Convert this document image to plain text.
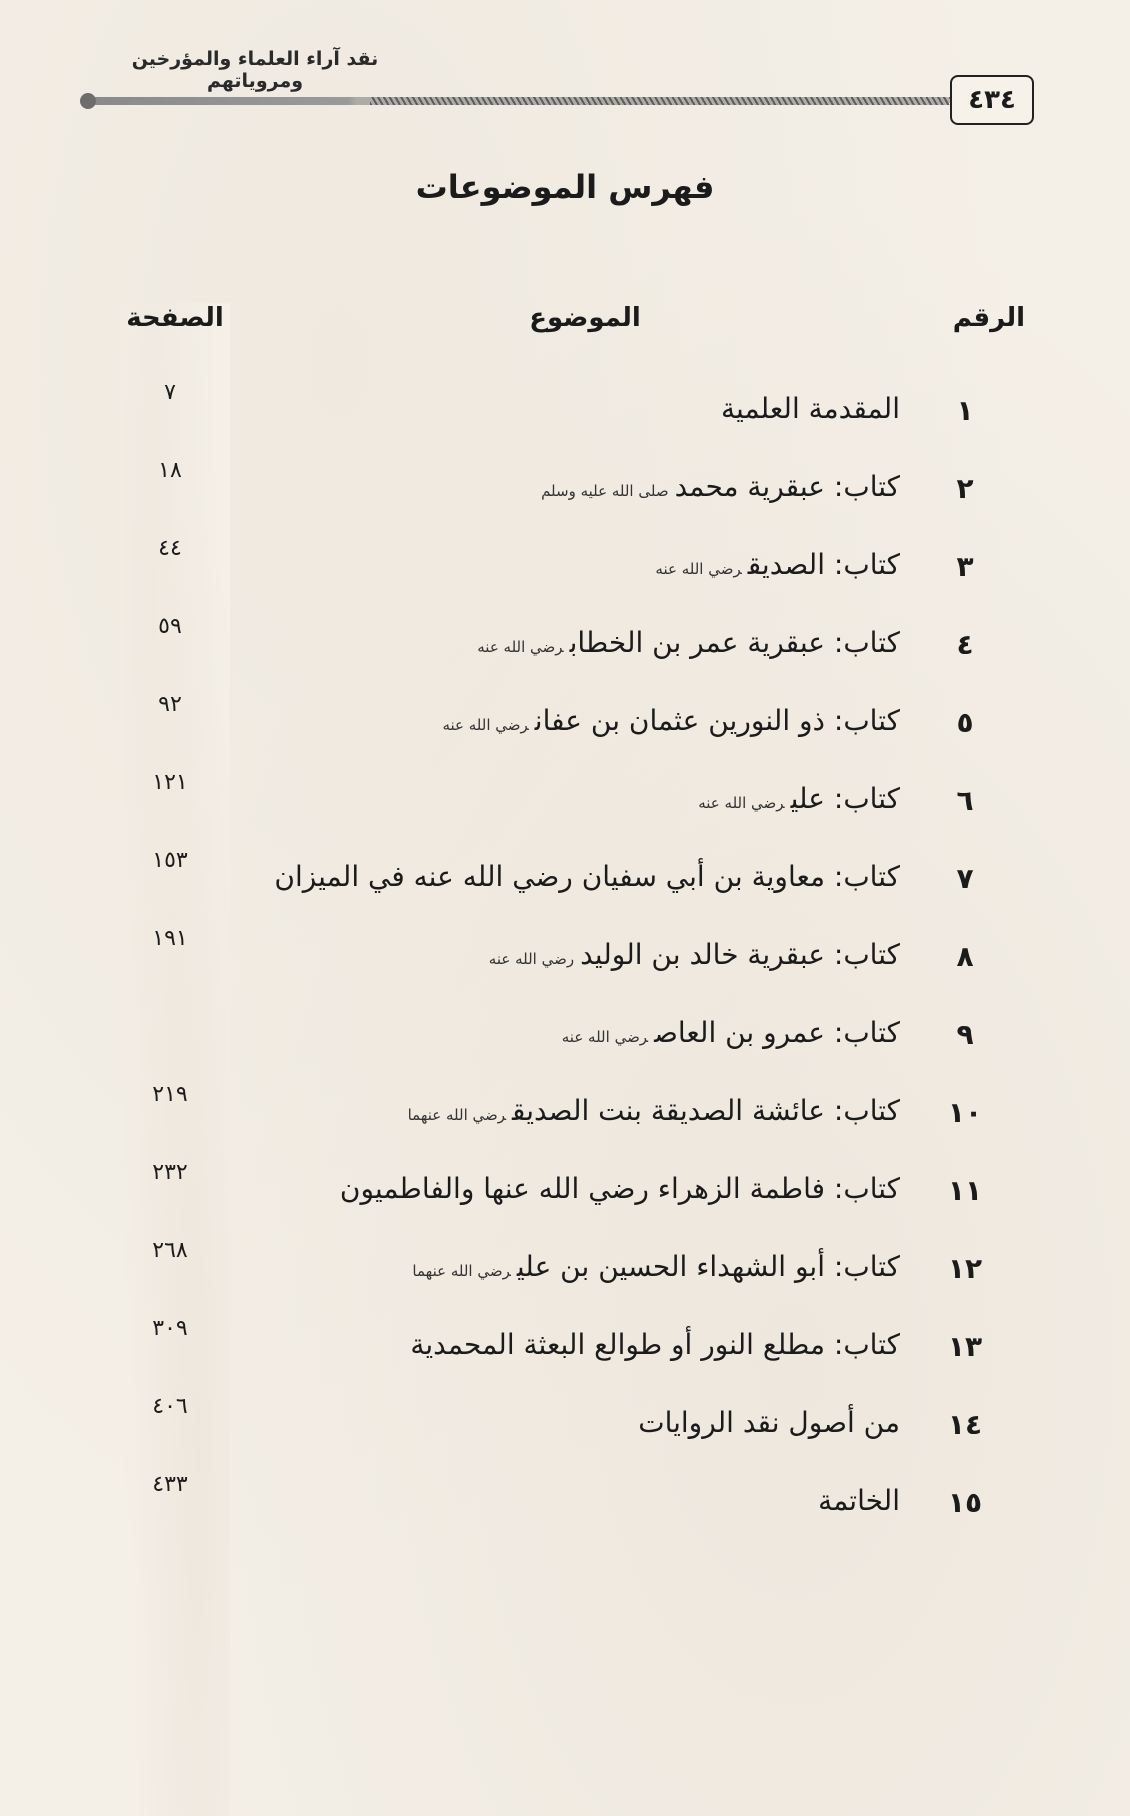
نقد آراء العلماء والمؤرخين ومروياتهم
٤٣٤
فهرس الموضوعات
الرقم
الموضوع
الصفحة
١
المقدمة العلمية
٧
٢
كتاب: عبقرية محمدصلى الله عليه وسلم
١٨
٣
كتاب: الصديقرضي الله عنه
٤٤
٤
كتاب: عبقرية عمر بن الخطابرضي الله عنه
٥٩
٥
كتاب: ذو النورين عثمان بن عفانرضي الله عنه
٩٢
٦
كتاب: عليرضي الله عنه
١٢١
٧
كتاب: معاوية بن أبي سفيان رضي الله عنه في الميزان
١٥٣
٨
كتاب: عبقرية خالد بن الوليدرضي الله عنه
١٩١
٩
كتاب: عمرو بن العاصرضي الله عنه
١٠
كتاب: عائشة الصديقة بنت الصديقرضي الله عنهما
٢١٩
١١
كتاب: فاطمة الزهراء رضي الله عنها والفاطميون
٢٣٢
١٢
كتاب: أبو الشهداء الحسين بن عليرضي الله عنهما
٢٦٨
١٣
كتاب: مطلع النور أو طوالع البعثة المحمدية
٣٠٩
١٤
من أصول نقد الروايات
٤٠٦
١٥
الخاتمة
٤٣٣
